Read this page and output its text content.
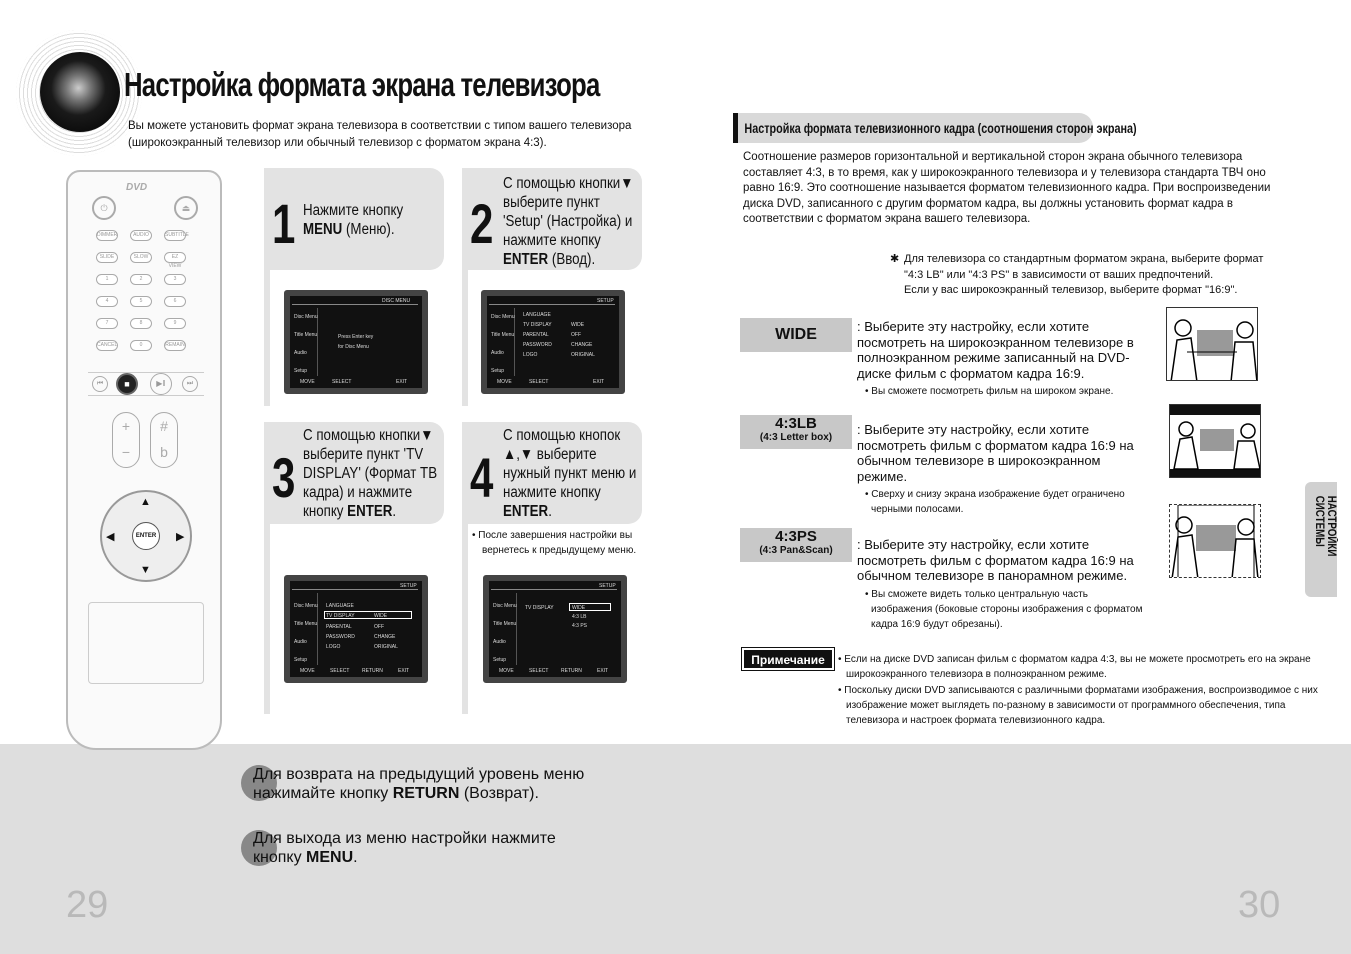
Настройка формата экрана телевизора
Вы можете установить формат экрана телевизора в соответствии с типом вашего телевизора (широкоэкранный телевизор или обычный телевизор с форматом экрана 4:3).
DVD
⏻	⏏
DIMMER	AUDIO	SUBTITLE
SLIDE	SLOW	EZ VIEW
1	2	3
4	5	6
7	8	9
CANCEL	0	REMAIN
⏮	■	▶‖	⏭
+
−
#
b
ENTER
▲
▼
◀	▶
1 Нажмите кнопку MENU (Меню).	2
С помощью кнопки▼ выберите пункт 'Setup' (Настройка) и нажмите кнопку ENTER (Ввод).
3
С помощью кнопки▼ выберите пункт 'TV DISPLAY' (Формат ТВ кадра) и нажмите кнопку ENTER.
4
С помощью кнопок ▲,▼ выберите нужный пункт меню и нажмите кнопку ENTER.
• После завершения настройки вы вернетесь к предыдущему меню.
DISC MENU
Disc Menu
Title Menu
Audio
Setup
Press Enter key
for Disc Menu
MOVE	SELECT	EXIT
SETUP
Disc Menu
Title Menu
Audio
Setup
LANGUAGE
TV DISPLAY	WIDE
PARENTAL	OFF
PASSWORD	CHANGE
LOGO	ORIGINAL
MOVE	SELECT	EXIT
SETUP
Disc Menu
Title Menu
Audio
Setup
LANGUAGE
TV DISPLAY	WIDE
PARENTAL	OFF
PASSWORD	CHANGE
LOGO	ORIGINAL
MOVE	SELECT	RETURN	EXIT
SETUP
Disc Menu
Title Menu
Audio
Setup
TV DISPLAY	WIDE
4:3 LB
4:3 PS
MOVE	SELECT	RETURN	EXIT
Настройка формата телевизионного кадра (соотношения сторон экрана)
Соотношение размеров горизонтальной и вертикальной сторон экрана обычного телевизора составляет 4:3, в то время, как у широкоэкранного телевизора и у телевизора стандарта ТВЧ оно равно 16:9. Это соотношение называется форматом телевизионного кадра. При воспроизведении диска DVD, записанного с другим форматом кадра, вы должны установить формат кадра в соответствии с форматом экрана вашего телевизора.
✱ Для телевизора со стандартным форматом экрана, выберите формат
"4:3 LB" или "4:3 PS" в зависимости от ваших предпочтений.
Если у вас широкоэкранный телевизор, выберите формат "16:9".
WIDE	: Выберите эту настройку, если хотите посмотреть на широкоэкранном телевизоре в полноэкранном режиме записанный на DVD-диске фильм с форматом кадра 16:9.
• Вы сможете посмотреть фильм на широком экране.
4:3LB
(4:3 Letter box)
: Выберите эту настройку, если хотите посмотреть фильм с форматом кадра 16:9 на обычном телевизоре в широкоэкранном режиме.
• Сверху и снизу экрана изображение будет ограничено черными полосами.
4:3PS
(4:3 Pan&Scan)	: Выберите эту настройку, если хотите посмотреть фильм с форматом кадра 16:9 на обычном телевизоре в панорамном режиме.
• Вы сможете видеть только центральную часть изображения (боковые стороны изображения с форматом кадра 16:9 будут обрезаны).
НАСТРОЙКИ СИСТЕМЫ
Примечание	• Если на диске DVD записан фильм с форматом кадра 4:3, вы не можете просмотреть его на экране широкоэкранного телевизора в полноэкранном режиме.
• Поскольку диски DVD записываются с различными форматами изображения, воспроизводимое с них изображение может выглядеть по-разному в зависимости от программного обеспечения, типа телевизора и настроек формата телевизионного кадра.
Для возврата на предыдущий уровень меню нажимайте кнопку RETURN (Возврат).
Для выхода из меню настройки нажмите кнопку MENU.
29	30
